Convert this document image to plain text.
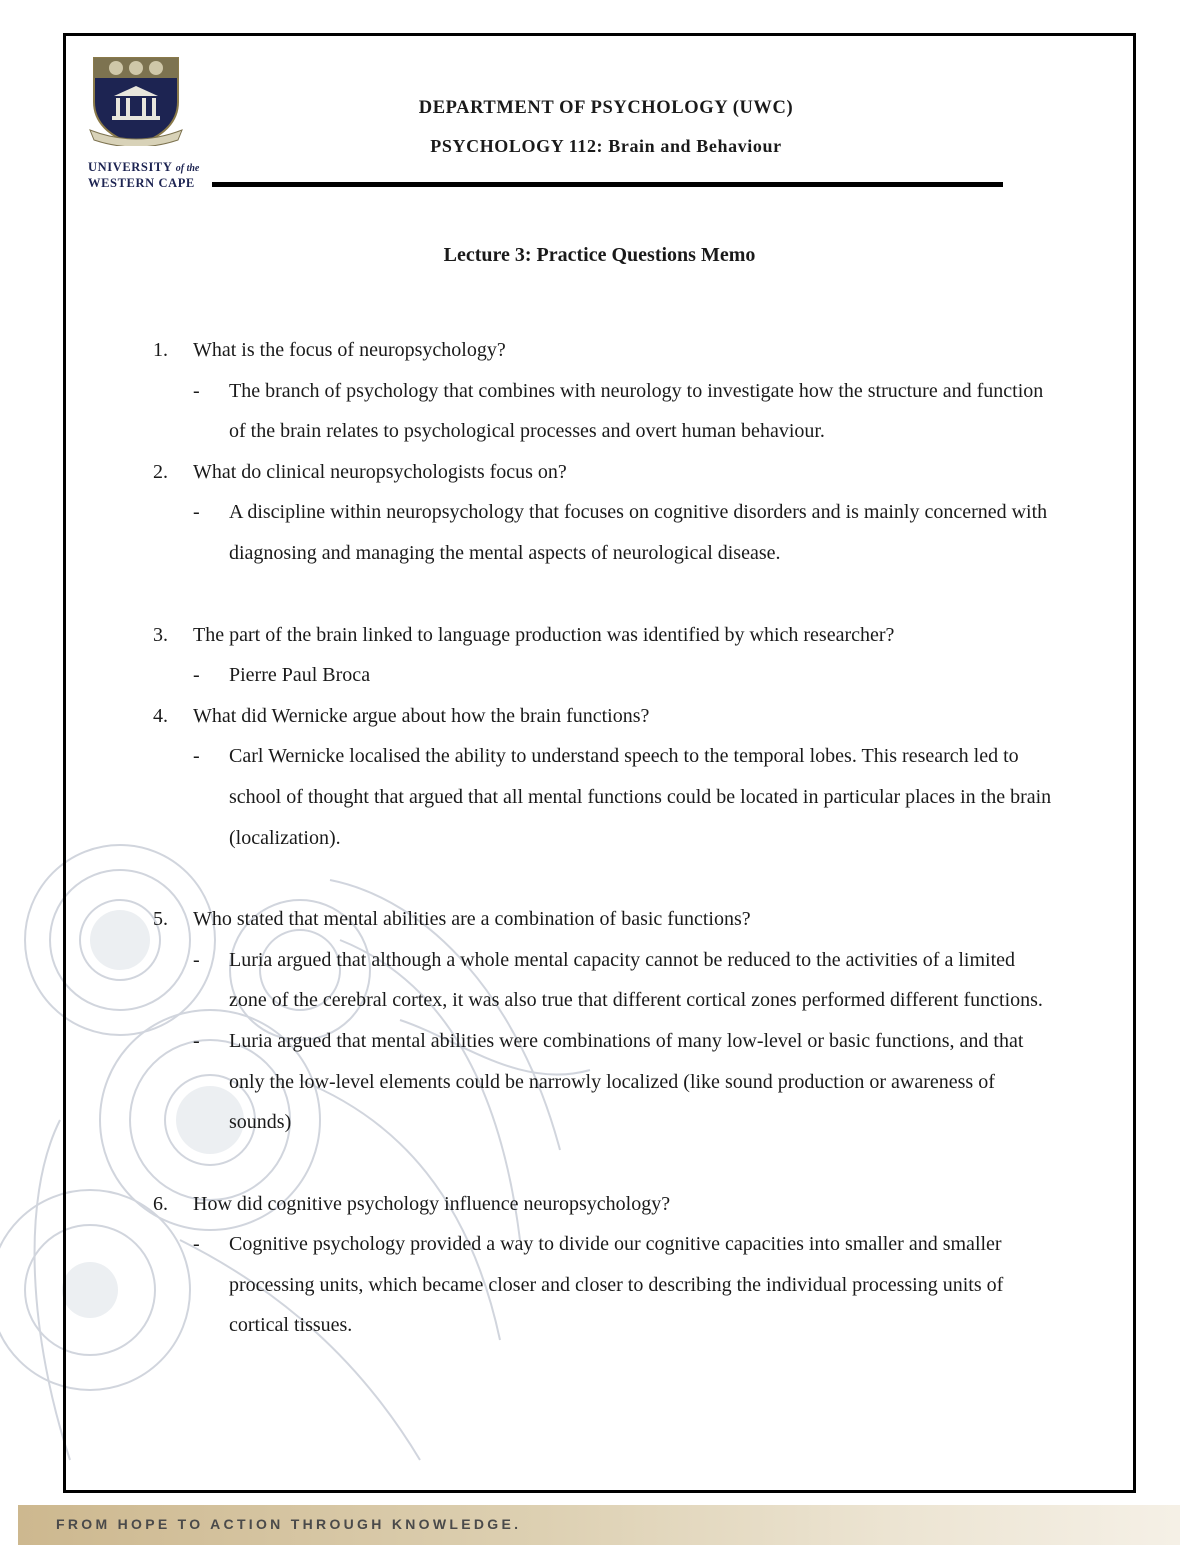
UNIVERSITY of the
WESTERN CAPE
DEPARTMENT OF PSYCHOLOGY (UWC)
PSYCHOLOGY 112: Brain and Behaviour
Lecture 3: Practice Questions Memo
1.	What is the focus of neuropsychology?
-	The branch of psychology that combines with neurology to investigate how the structure and function of the brain relates to psychological processes and overt human behaviour.
2.	What do clinical neuropsychologists focus on?
-	A discipline within neuropsychology that focuses on cognitive disorders and is mainly concerned with diagnosing and managing the mental aspects of neurological disease.
3.	The part of the brain linked to language production was identified by which researcher?
-	Pierre Paul Broca
4.	What did Wernicke argue about how the brain functions?
-	Carl Wernicke localised the ability to understand speech to the temporal lobes. This research led to school of thought that argued that all mental functions could be located in particular places in the brain (localization).
5.	Who stated that mental abilities are a combination of basic functions?
-	Luria argued that although a whole mental capacity cannot be reduced to the activities of a limited zone of the cerebral cortex, it was also true that different cortical zones performed different functions.
-	Luria argued that mental abilities were combinations of many low-level or basic functions, and that only the low-level elements could be narrowly localized (like sound production or awareness of sounds)
6.	How did cognitive psychology influence neuropsychology?
-	Cognitive psychology provided a way to divide our cognitive capacities into smaller and smaller processing units, which became closer and closer to describing the individual processing units of cortical tissues.
FROM HOPE TO ACTION THROUGH KNOWLEDGE.
